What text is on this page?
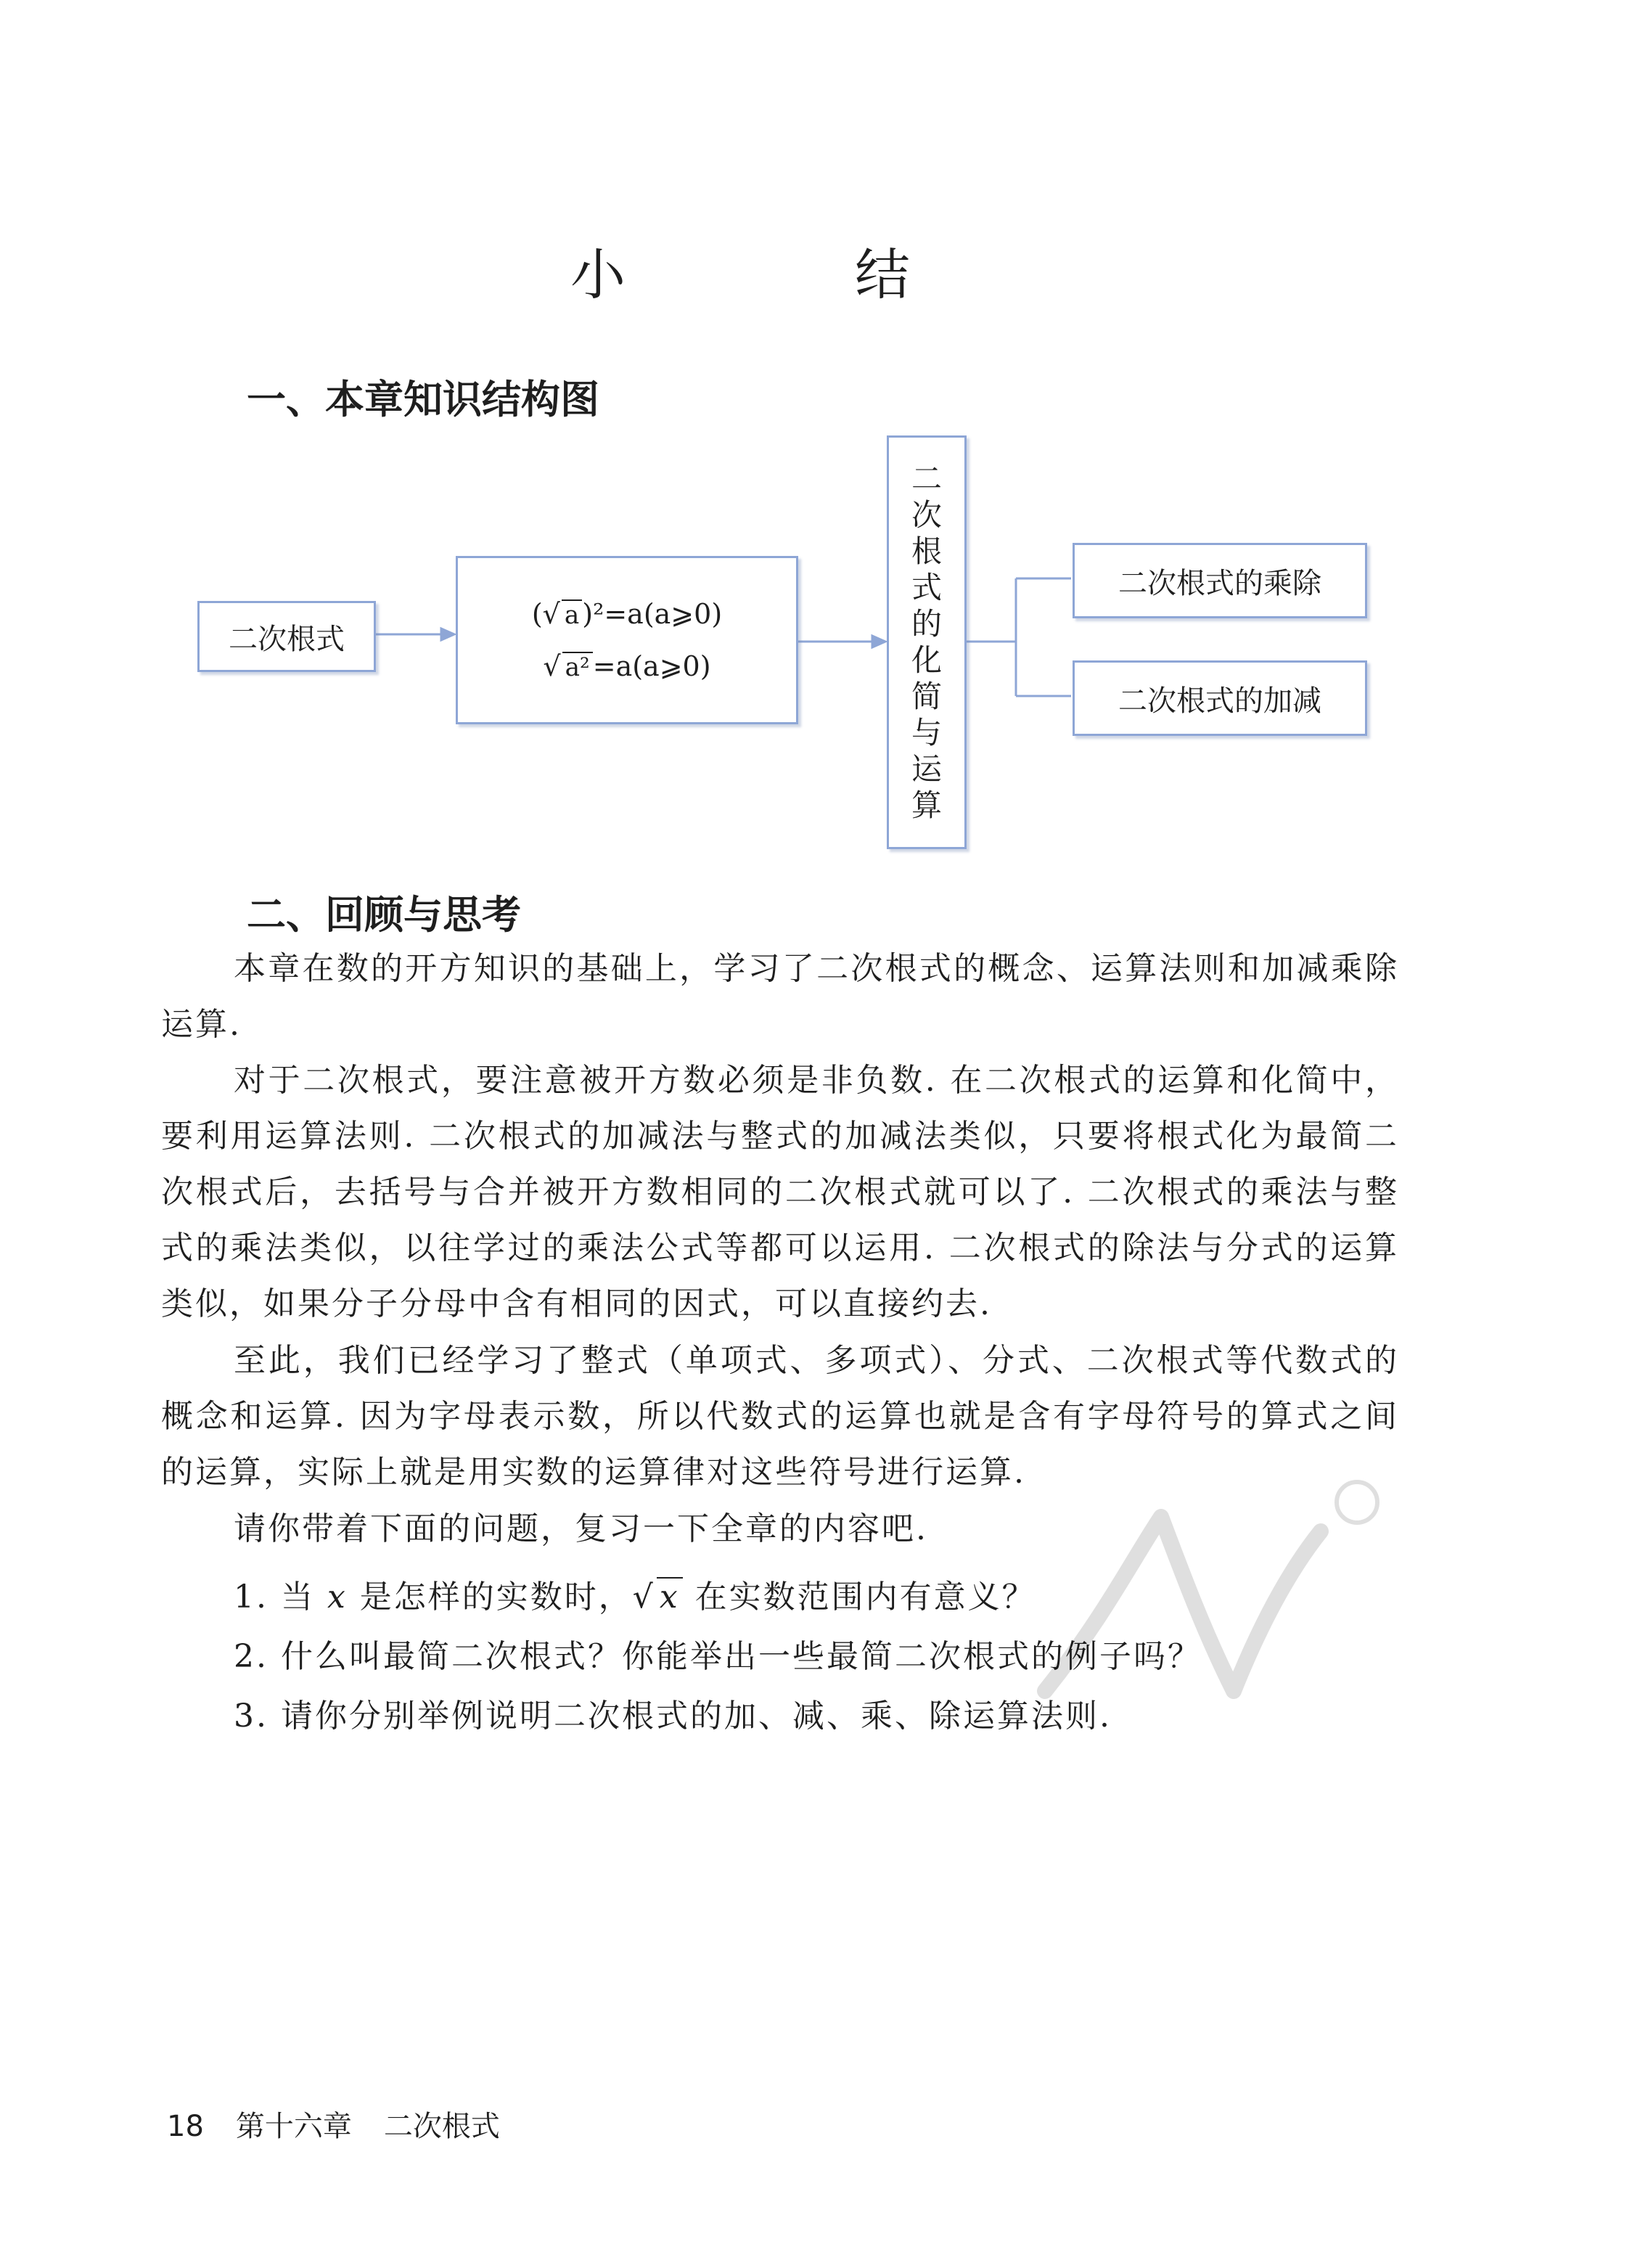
小　结
一、本章知识结构图
二次根式
(√ a )²=a(a⩾0)
√ a² =a(a⩾0)
二
次
根
式
的
化
简
与
运
算
二次根式的乘除
二次根式的加减
二、回顾与思考
本章在数的开方知识的基础上，学习了二次根式的概念、运算法则和加减乘除运算.
对于二次根式，要注意被开方数必须是非负数. 在二次根式的运算和化简中，要利用运算法则. 二次根式的加减法与整式的加减法类似，只要将根式化为最简二次根式后，去括号与合并被开方数相同的二次根式就可以了. 二次根式的乘法与整式的乘法类似，以往学过的乘法公式等都可以运用. 二次根式的除法与分式的运算类似，如果分子分母中含有相同的因式，可以直接约去.
至此，我们已经学习了整式（单项式、多项式）、分式、二次根式等代数式的概念和运算. 因为字母表示数，所以代数式的运算也就是含有字母符号的算式之间的运算，实际上就是用实数的运算律对这些符号进行运算.
请你带着下面的问题，复习一下全章的内容吧.
1. 当 x 是怎样的实数时，√ x 在实数范围内有意义？
2. 什么叫最简二次根式？你能举出一些最简二次根式的例子吗？
3. 请你分别举例说明二次根式的加、减、乘、除运算法则.
18 第十六章 二次根式
